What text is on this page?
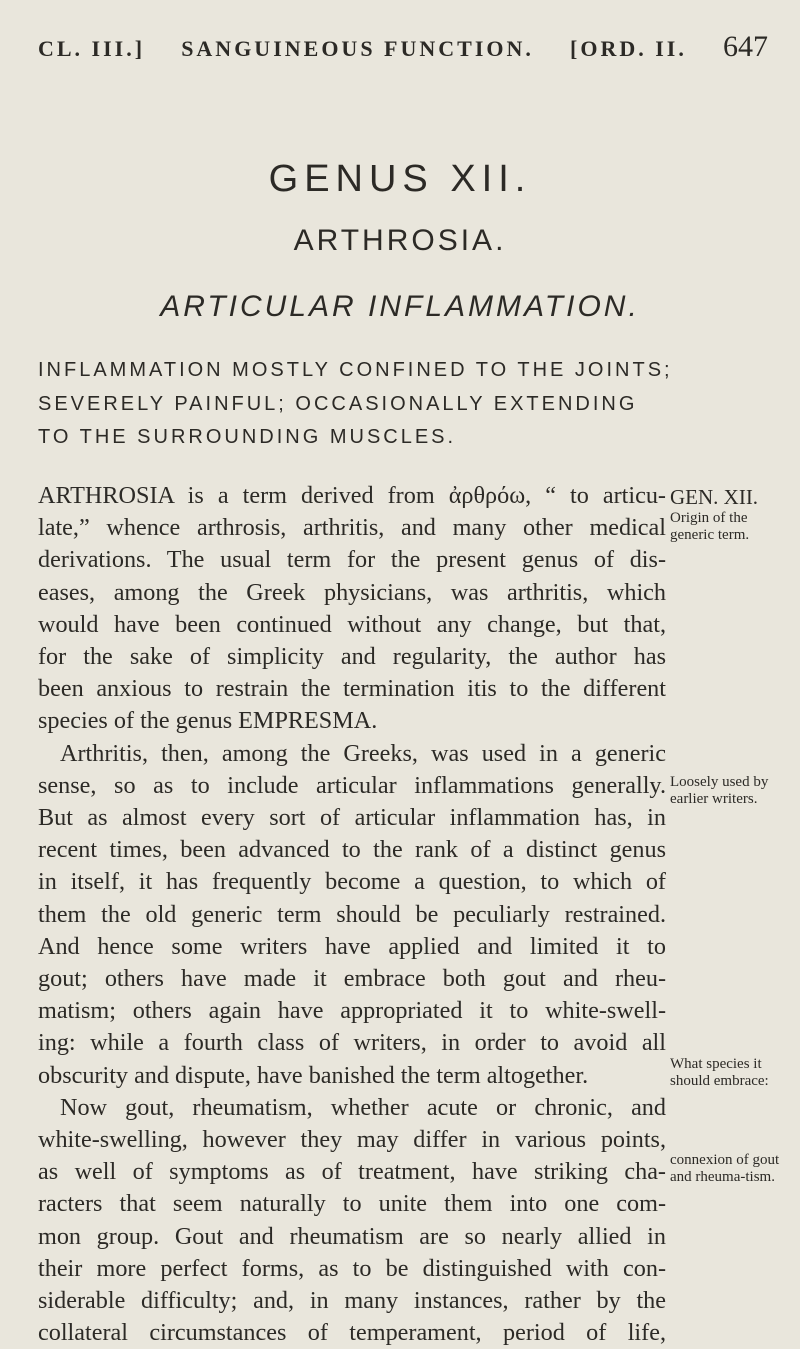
CL. III.] SANGUINEOUS FUNCTION. [ORD. II. 647
GENUS XII.
ARTHROSIA.
ARTICULAR INFLAMMATION.
INFLAMMATION MOSTLY CONFINED TO THE JOINTS;
SEVERELY PAINFUL; OCCASIONALLY EXTENDING
TO THE SURROUNDING MUSCLES.

ARTHROSIA is a term derived from ἀρθρόω, “ to articu-
late,” whence arthrosis, arthritis, and many other medical
derivations. The usual term for the present genus of dis-
eases, among the Greek physicians, was arthritis, which
would have been continued without any change, but that,
for the sake of simplicity and regularity, the author has
been anxious to restrain the termination itis to the different
species of the genus EMPRESMA.
Arthritis, then, among the Greeks, was used in a generic
sense, so as to include articular inflammations generally.
But as almost every sort of articular inflammation has, in
recent times, been advanced to the rank of a distinct genus
in itself, it has frequently become a question, to which of
them the old generic term should be peculiarly restrained.
And hence some writers have applied and limited it to
gout; others have made it embrace both gout and rheu-
matism; others again have appropriated it to white-swell-
ing: while a fourth class of writers, in order to avoid all
obscurity and dispute, have banished the term altogether.
Now gout, rheumatism, whether acute or chronic, and
white-swelling, however they may differ in various points,
as well of symptoms as of treatment, have striking cha-
racters that seem naturally to unite them into one com-
mon group. Gout and rheumatism are so nearly allied in
their more perfect forms, as to be distinguished with con-
siderable difficulty; and, in many instances, rather by the
collateral circumstances of temperament, period of life,

GEN. XII.
Origin of the generic term.
Loosely used by earlier writers.
What species it should embrace:
connexion of gout and rheuma-tism.
